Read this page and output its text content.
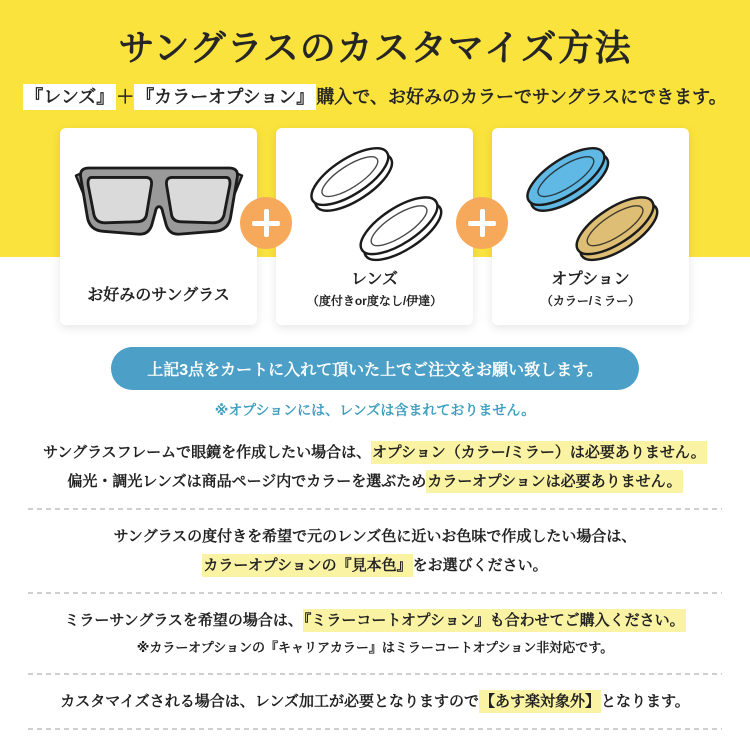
サングラスのカスタマイズ方法
『レンズ』 ＋ 『カラーオプション』 購入で、お好みのカラーでサングラスにできます。
お好みのサングラス
レンズ
（度付きor度なし/伊達）
オプション
（カラー/ミラー）
上記3点をカートに入れて頂いた上でご注文をお願い致します。
※オプションには、レンズは含まれておりません。
サングラスフレームで眼鏡を作成したい場合は、オプション（カラー/ミラー）は必要ありません。
偏光・調光レンズは商品ページ内でカラーを選ぶためカラーオプションは必要ありません。
サングラスの度付きを希望で元のレンズ色に近いお色味で作成したい場合は、
カラーオプションの『見本色』をお選びください。
ミラーサングラスを希望の場合は、『ミラーコートオプション』も合わせてご購入ください。
※カラーオプションの『キャリアカラー』はミラーコートオプション非対応です。
カスタマイズされる場合は、レンズ加工が必要となりますので【あす楽対象外】となります。
